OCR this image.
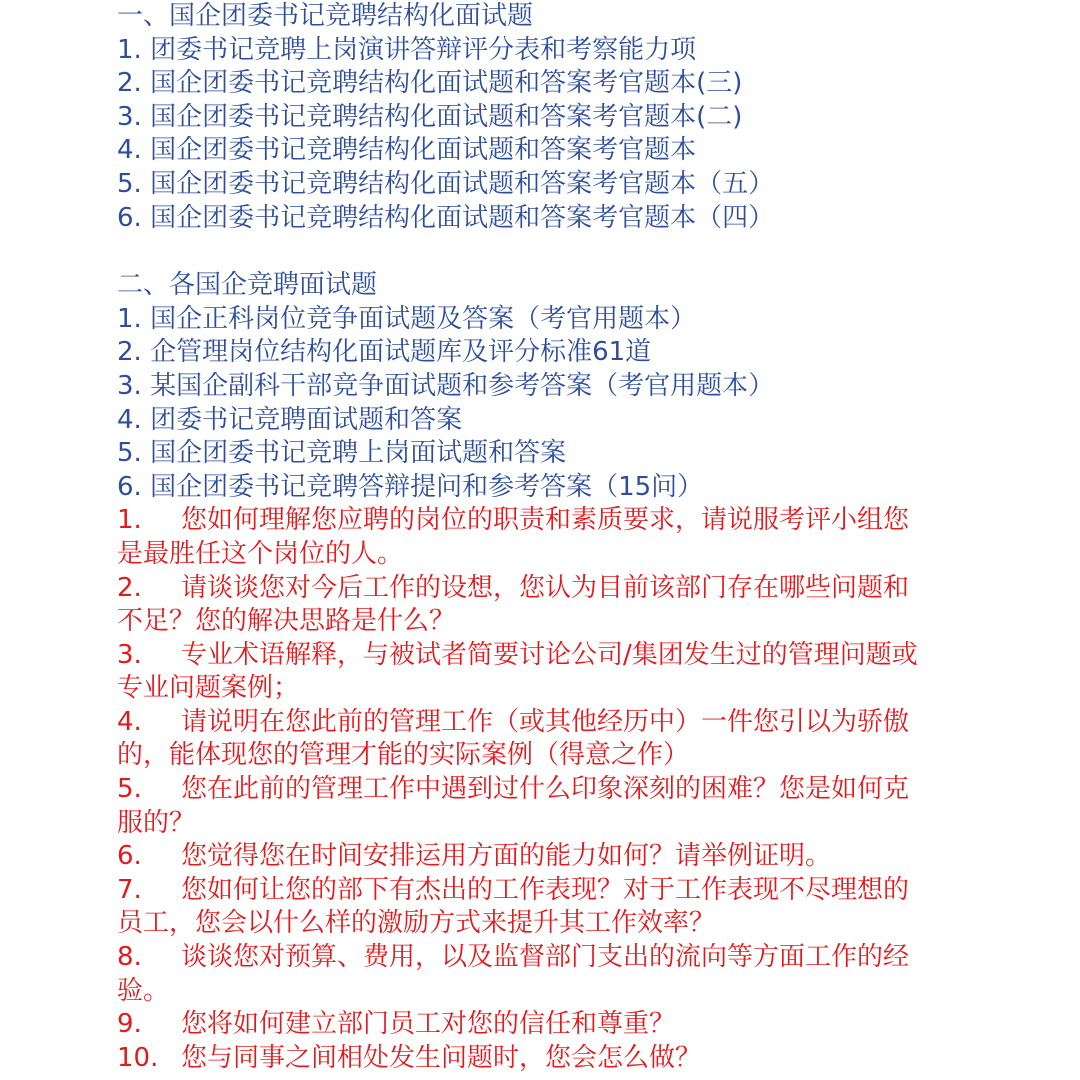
一、国企团委书记竞聘结构化面试题
1. 团委书记竞聘上岗演讲答辩评分表和考察能力项
2. 国企团委书记竞聘结构化面试题和答案考官题本(三)
3. 国企团委书记竞聘结构化面试题和答案考官题本(二)
4. 国企团委书记竞聘结构化面试题和答案考官题本
5. 国企团委书记竞聘结构化面试题和答案考官题本（五）
6. 国企团委书记竞聘结构化面试题和答案考官题本（四）
二、各国企竞聘面试题
1. 国企正科岗位竞争面试题及答案（考官用题本）
2. 企管理岗位结构化面试题库及评分标准61道
3. 某国企副科干部竞争面试题和参考答案（考官用题本）
4. 团委书记竞聘面试题和答案
5. 国企团委书记竞聘上岗面试题和答案
6. 国企团委书记竞聘答辩提问和参考答案（15问）
1. 您如何理解您应聘的岗位的职责和素质要求，请说服考评小组您
是最胜任这个岗位的人。
2. 请谈谈您对今后工作的设想，您认为目前该部门存在哪些问题和
不足？您的解决思路是什么？
3. 专业术语解释，与被试者简要讨论公司/集团发生过的管理问题或
专业问题案例；
4. 请说明在您此前的管理工作（或其他经历中）一件您引以为骄傲
的，能体现您的管理才能的实际案例（得意之作）
5. 您在此前的管理工作中遇到过什么印象深刻的困难？您是如何克
服的？
6. 您觉得您在时间安排运用方面的能力如何？请举例证明。
7. 您如何让您的部下有杰出的工作表现？对于工作表现不尽理想的
员工，您会以什么样的激励方式来提升其工作效率？
8. 谈谈您对预算、费用，以及监督部门支出的流向等方面工作的经
验。
9. 您将如何建立部门员工对您的信任和尊重？
10. 您与同事之间相处发生问题时，您会怎么做？
